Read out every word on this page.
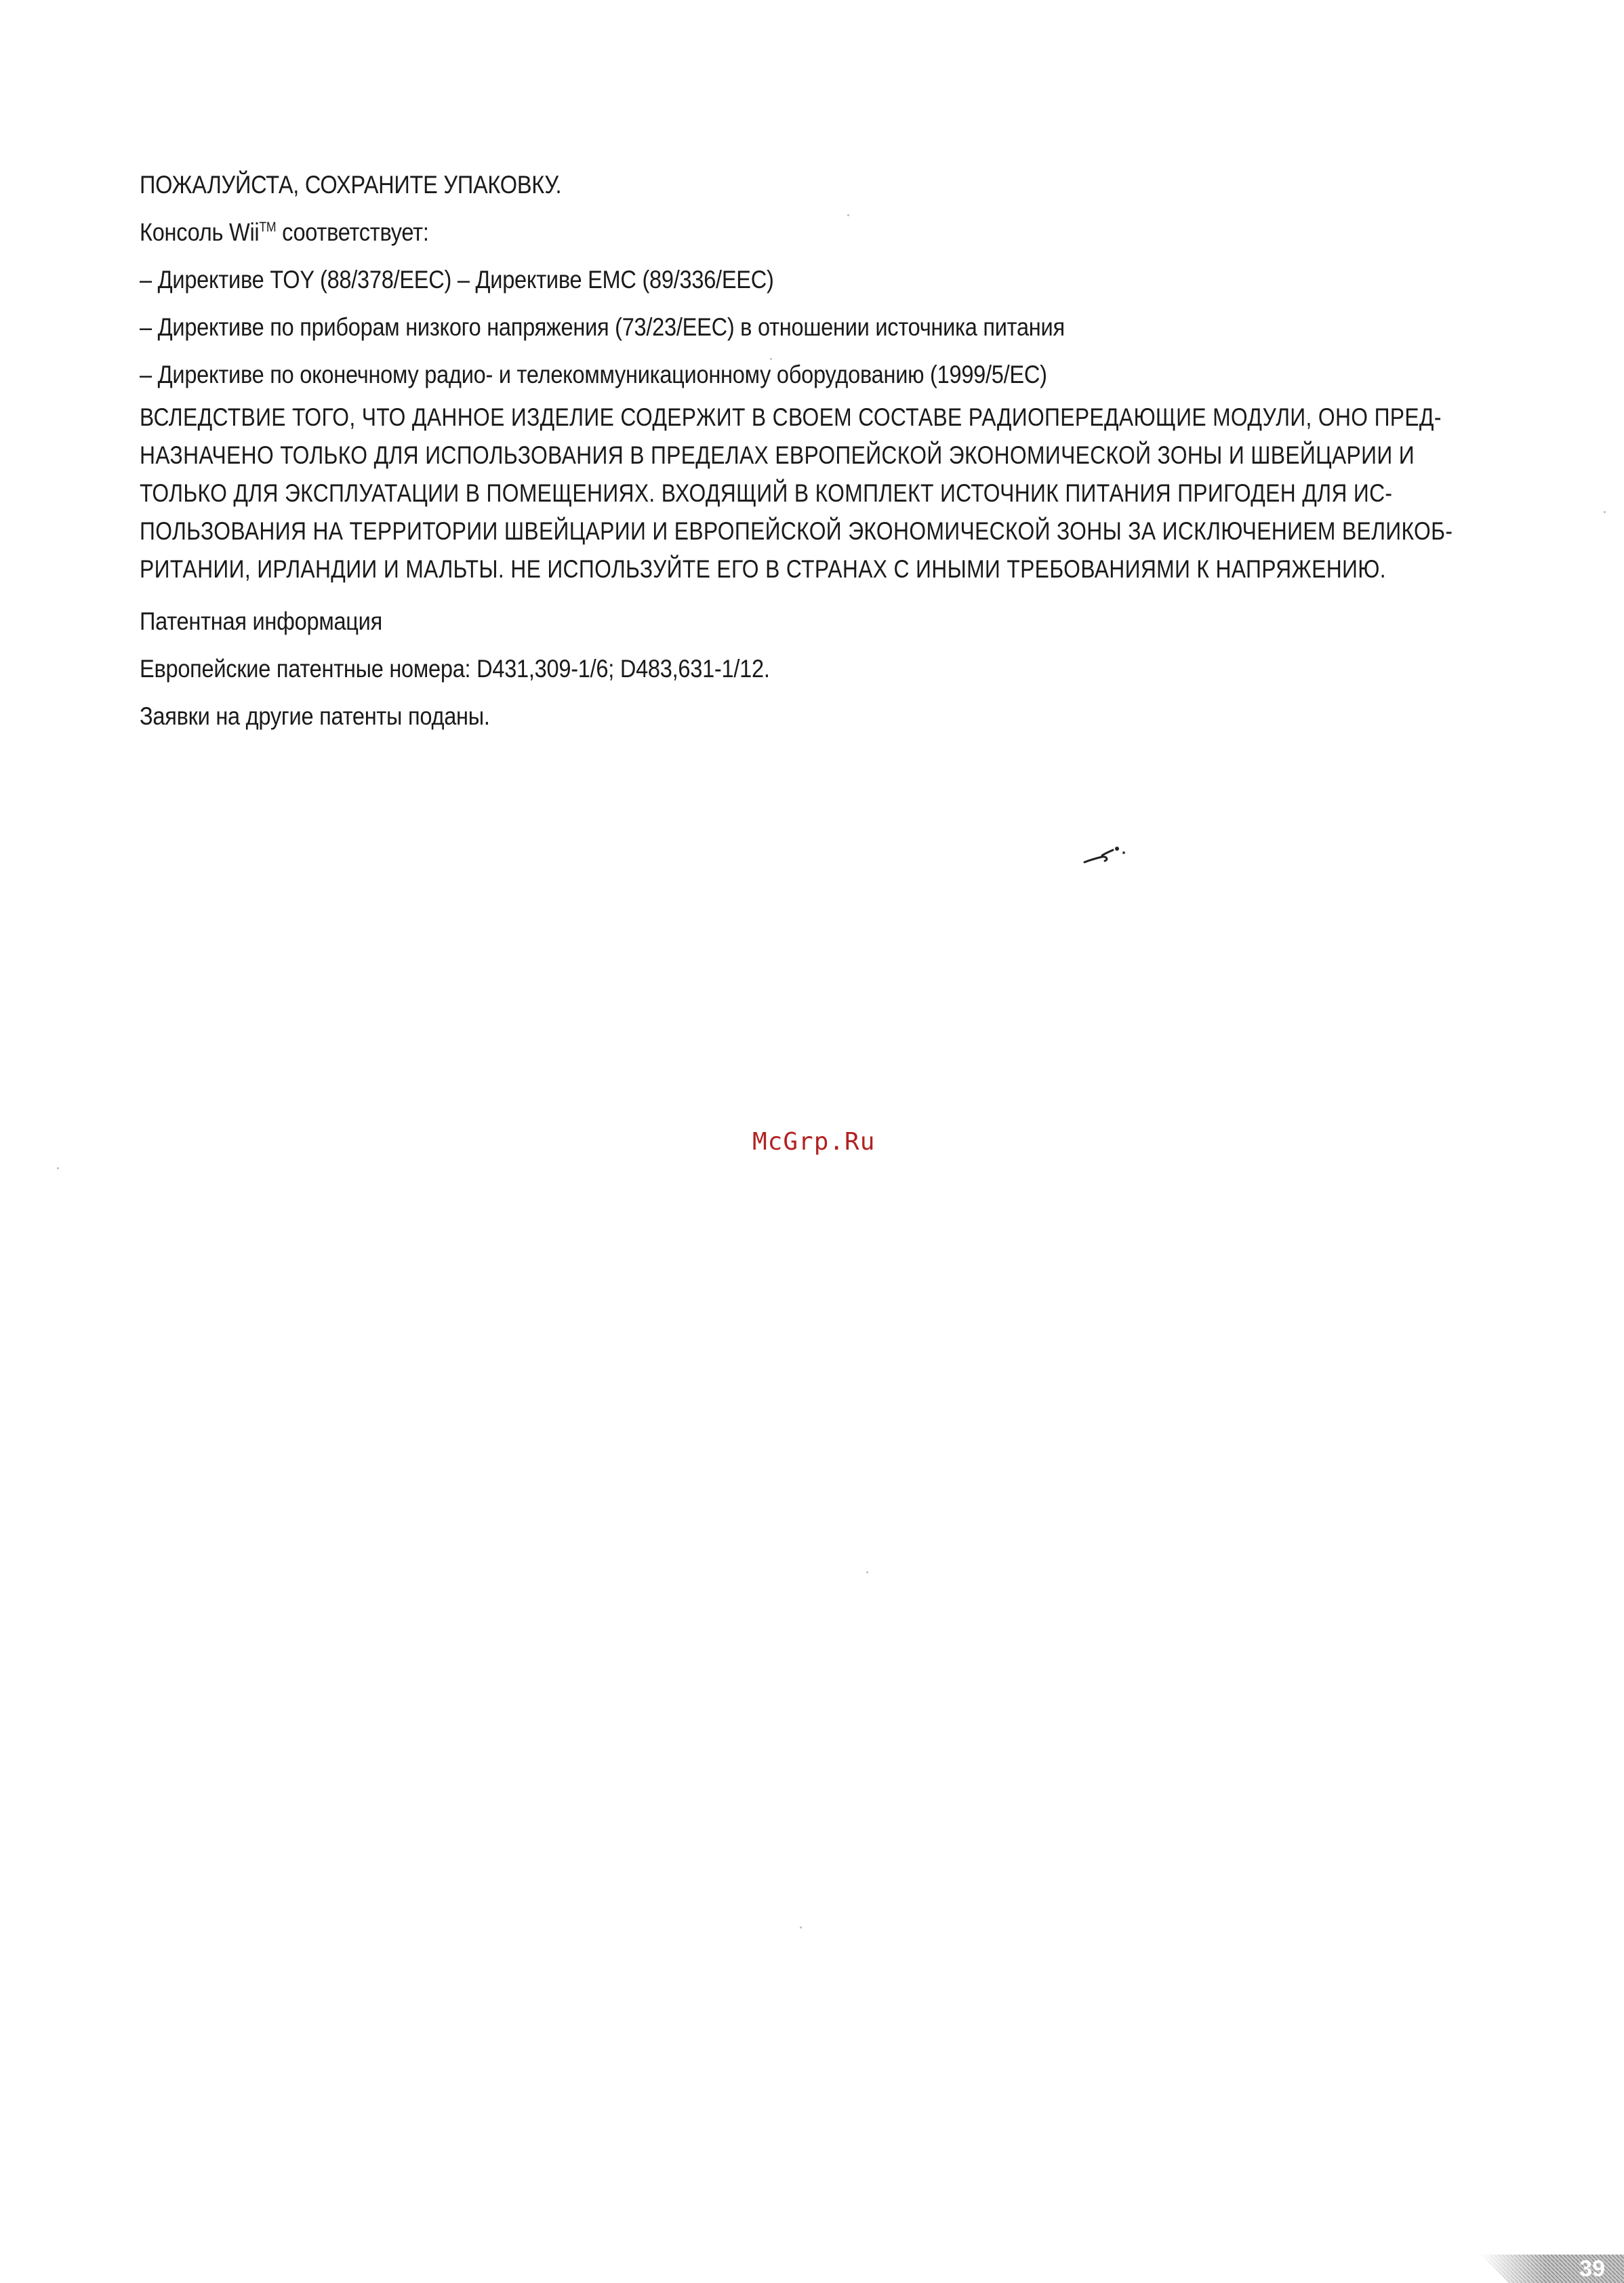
ПОЖАЛУЙСТА, СОХРАНИТЕ УПАКОВКУ.
Консоль Wii™ соответствует:
– Директиве TOY (88/378/EEC) – Директиве EMC (89/336/EEC)
– Директиве по приборам низкого напряжения (73/23/EEC) в отношении источника питания
– Директиве по оконечному радио- и телекоммуникационному оборудованию (1999/5/EC)
ВСЛЕДСТВИЕ ТОГО, ЧТО ДАННОЕ ИЗДЕЛИЕ СОДЕРЖИТ В СВОЕМ СОСТАВЕ РАДИОПЕРЕДАЮЩИЕ МОДУЛИ, ОНО ПРЕД-
НАЗНАЧЕНО ТОЛЬКО ДЛЯ ИСПОЛЬЗОВАНИЯ В ПРЕДЕЛАХ ЕВРОПЕЙСКОЙ ЭКОНОМИЧЕСКОЙ ЗОНЫ И ШВЕЙЦАРИИ И
ТОЛЬКО ДЛЯ ЭКСПЛУАТАЦИИ В ПОМЕЩЕНИЯХ. ВХОДЯЩИЙ В КОМПЛЕКТ ИСТОЧНИК ПИТАНИЯ ПРИГОДЕН ДЛЯ ИС-
ПОЛЬЗОВАНИЯ НА ТЕРРИТОРИИ ШВЕЙЦАРИИ И ЕВРОПЕЙСКОЙ ЭКОНОМИЧЕСКОЙ ЗОНЫ ЗА ИСКЛЮЧЕНИЕМ ВЕЛИКОБ-
РИТАНИИ, ИРЛАНДИИ И МАЛЬТЫ. НЕ ИСПОЛЬЗУЙТЕ ЕГО В СТРАНАХ С ИНЫМИ ТРЕБОВАНИЯМИ К НАПРЯЖЕНИЮ.
Патентная информация
Европейские патентные номера: D431,309-1/6; D483,631-1/12.
Заявки на другие патенты поданы.
McGrp.Ru
39
